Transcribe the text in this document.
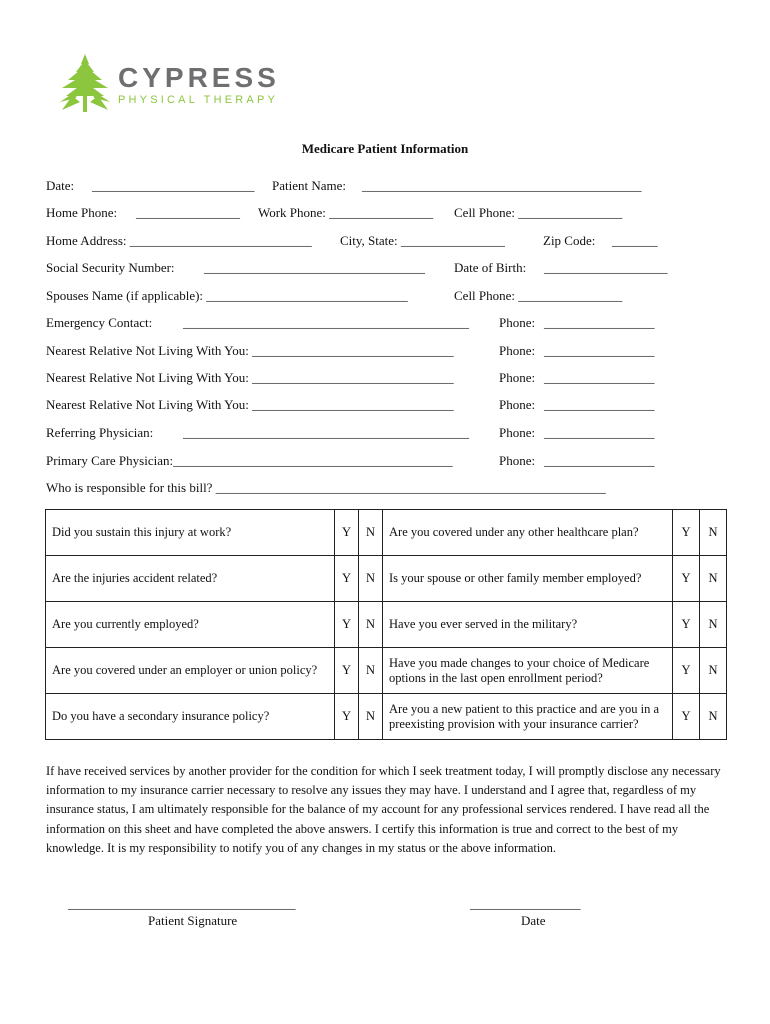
CYPRESS
PHYSICAL THERAPY
Medicare Patient Information
Date: _________________________ Patient Name: ___________________________________________
Home Phone: ________________ Work Phone: ________________ Cell Phone: ________________
Home Address: ____________________________ City, State: ________________	Zip Code: _______
Social Security Number: __________________________________ Date of Birth: ___________________
Spouses Name (if applicable): _______________________________	Cell Phone: ________________
Emergency Contact: ____________________________________________ Phone: _________________
Nearest Relative Not Living With You: _______________________________	Phone: _________________
Nearest Relative Not Living With You: _______________________________	Phone: _________________
Nearest Relative Not Living With You: _______________________________	Phone: _________________
Referring Physician: ____________________________________________ Phone: _________________
Primary Care Physician:___________________________________________	Phone: _________________
Who is responsible for this bill? ____________________________________________________________
Did you sustain this injury at work?	Y	N	Are you covered under any other healthcare plan?	Y	N
Are the injuries accident related?	Y	N	Is your spouse or other family member employed?	Y	N
Are you currently employed?	Y	N	Have you ever served in the military?	Y	N
Are you covered under an employer or union policy?	Y	N	Have you made changes to your choice of Medicare options in the last open enrollment period?	Y	N
Do you have a secondary insurance policy?	Y	N	Are you a new patient to this practice and are you in a preexisting provision with your insurance carrier?	Y	N
If have received services by another provider for the condition for which I seek treatment today, I will promptly disclose any necessary information to my insurance carrier necessary to resolve any issues they may have. I understand and I agree that, regardless of my insurance status, I am ultimately responsible for the balance of my account for any professional services rendered. I have read all the information on this sheet and have completed the above answers. I certify this information is true and correct to the best of my knowledge. It is my responsibility to notify you of any changes in my status or the above information.
___________________________________
Patient Signature
_________________
Date
